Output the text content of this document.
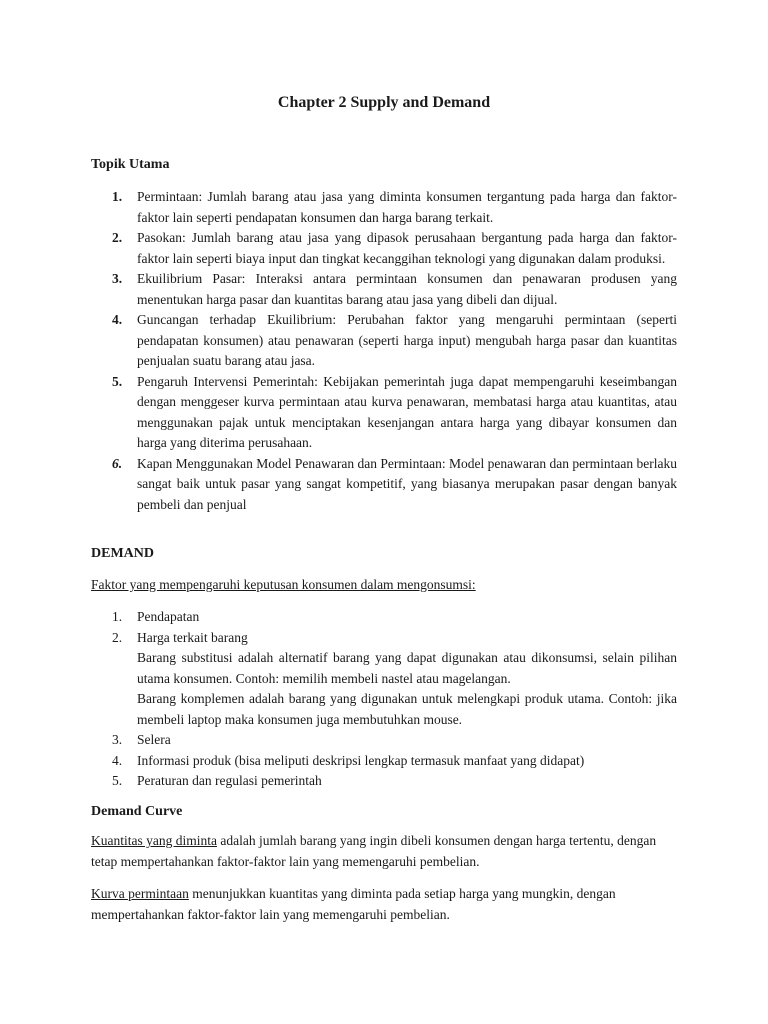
Chapter 2 Supply and Demand
Topik Utama
1. Permintaan: Jumlah barang atau jasa yang diminta konsumen tergantung pada harga dan faktor-faktor lain seperti pendapatan konsumen dan harga barang terkait.
2. Pasokan: Jumlah barang atau jasa yang dipasok perusahaan bergantung pada harga dan faktor-faktor lain seperti biaya input dan tingkat kecanggihan teknologi yang digunakan dalam produksi.
3. Ekuilibrium Pasar: Interaksi antara permintaan konsumen dan penawaran produsen yang menentukan harga pasar dan kuantitas barang atau jasa yang dibeli dan dijual.
4. Guncangan terhadap Ekuilibrium: Perubahan faktor yang mengaruhi permintaan (seperti pendapatan konsumen) atau penawaran (seperti harga input) mengubah harga pasar dan kuantitas penjualan suatu barang atau jasa.
5. Pengaruh Intervensi Pemerintah: Kebijakan pemerintah juga dapat mempengaruhi keseimbangan dengan menggeser kurva permintaan atau kurva penawaran, membatasi harga atau kuantitas, atau menggunakan pajak untuk menciptakan kesenjangan antara harga yang dibayar konsumen dan harga yang diterima perusahaan.
6. Kapan Menggunakan Model Penawaran dan Permintaan: Model penawaran dan permintaan berlaku sangat baik untuk pasar yang sangat kompetitif, yang biasanya merupakan pasar dengan banyak pembeli dan penjual
DEMAND

Faktor yang mempengaruhi keputusan konsumen dalam mengonsumsi:

1. Pendapatan
2. Harga terkait barang
Barang substitusi adalah alternatif barang yang dapat digunakan atau dikonsumsi, selain pilihan utama konsumen. Contoh: memilih membeli nastel atau magelangan.
Barang komplemen adalah barang yang digunakan untuk melengkapi produk utama. Contoh: jika membeli laptop maka konsumen juga membutuhkan mouse.
3. Selera
4. Informasi produk (bisa meliputi deskripsi lengkap termasuk manfaat yang didapat)
5. Peraturan dan regulasi pemerintah
Demand Curve

Kuantitas yang diminta adalah jumlah barang yang ingin dibeli konsumen dengan harga tertentu, dengan tetap mempertahankan faktor-faktor lain yang memengaruhi pembelian.

Kurva permintaan menunjukkan kuantitas yang diminta pada setiap harga yang mungkin, dengan mempertahankan faktor-faktor lain yang memengaruhi pembelian.
